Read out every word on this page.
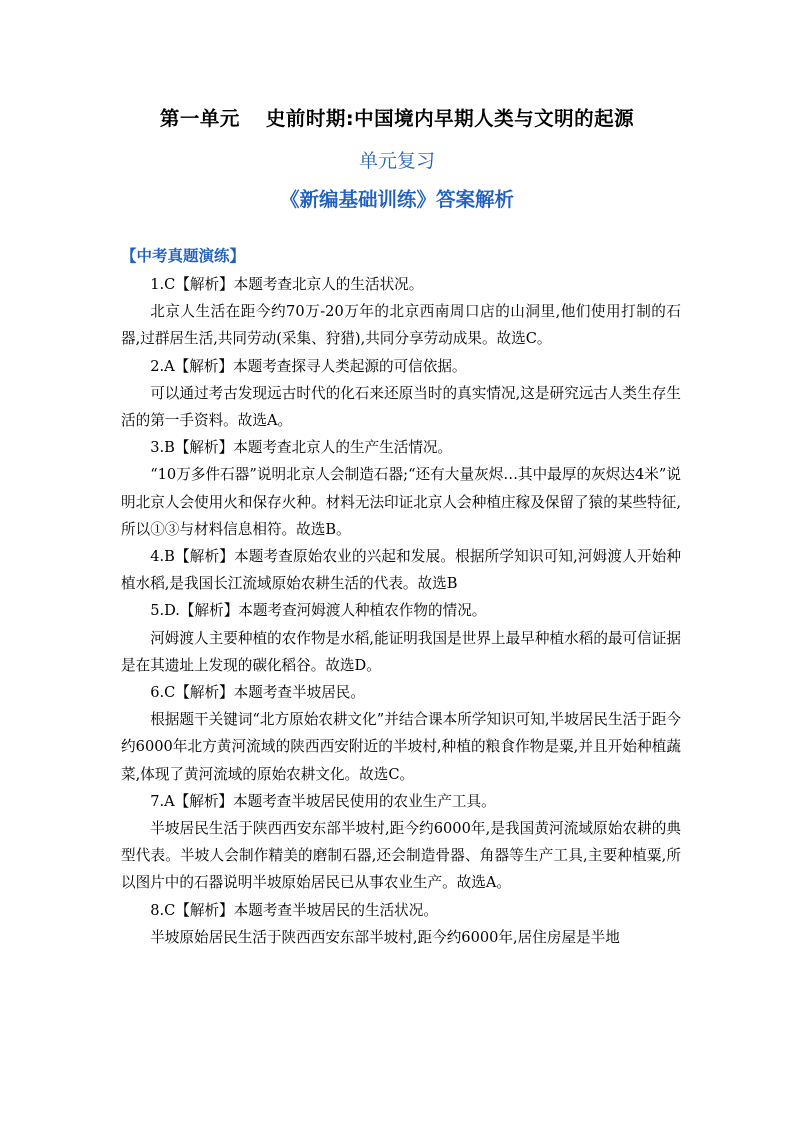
第一单元 史前时期:中国境内早期人类与文明的起源
单元复习
《新编基础训练》答案解析
【中考真题演练】

1.C【解析】本题考查北京人的生活状况。

北京人生活在距今约70万-20万年的北京西南周口店的山洞里,他们使用打制的石器,过群居生活,共同劳动(采集、狩猎),共同分享劳动成果。故选C。

2.A【解析】本题考查探寻人类起源的可信依据。

可以通过考古发现远古时代的化石来还原当时的真实情况,这是研究远古人类生存生活的第一手资料。故选A。

3.B【解析】本题考查北京人的生产生活情况。

“10万多件石器”说明北京人会制造石器;“还有大量灰烬…其中最厚的灰烬达4米”说明北京人会使用火和保存火种。材料无法印证北京人会种植庄稼及保留了猿的某些特征,所以①③与材料信息相符。故选B。

4.B【解析】本题考查原始农业的兴起和发展。根据所学知识可知,河姆渡人开始种植水稻,是我国长江流域原始农耕生活的代表。故选B

5.D.【解析】本题考查河姆渡人种植农作物的情况。

河姆渡人主要种植的农作物是水稻,能证明我国是世界上最早种植水稻的最可信证据是在其遗址上发现的碳化稻谷。故选D。

6.C【解析】本题考查半坡居民。

根据题干关键词“北方原始农耕文化”并结合课本所学知识可知,半坡居民生活于距今约6000年北方黄河流域的陕西西安附近的半坡村,种植的粮食作物是粟,并且开始种植蔬菜,体现了黄河流域的原始农耕文化。故选C。

7.A【解析】本题考查半坡居民使用的农业生产工具。

半坡居民生活于陕西西安东部半坡村,距今约6000年,是我国黄河流域原始农耕的典型代表。半坡人会制作精美的磨制石器,还会制造骨器、角器等生产工具,主要种植粟,所以图片中的石器说明半坡原始居民已从事农业生产。故选A。

8.C【解析】本题考查半坡居民的生活状况。

半坡原始居民生活于陕西西安东部半坡村,距今约6000年,居住房屋是半地
